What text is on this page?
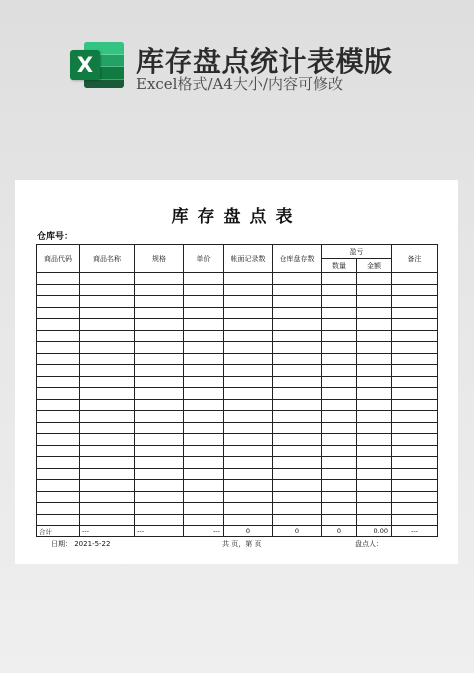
X 库存盘点统计表模版
Excel格式/A4大小/内容可修改
库存盘点表
仓库号：
商品代码	商品名称	规格	单价	帐面记录数	仓库盘存数	盈亏		备注
						数量	金额	

合计	---	---	---	0	0	0	0.00	---
日期： 2021-5-22	共 页，第 页	盘点人：
